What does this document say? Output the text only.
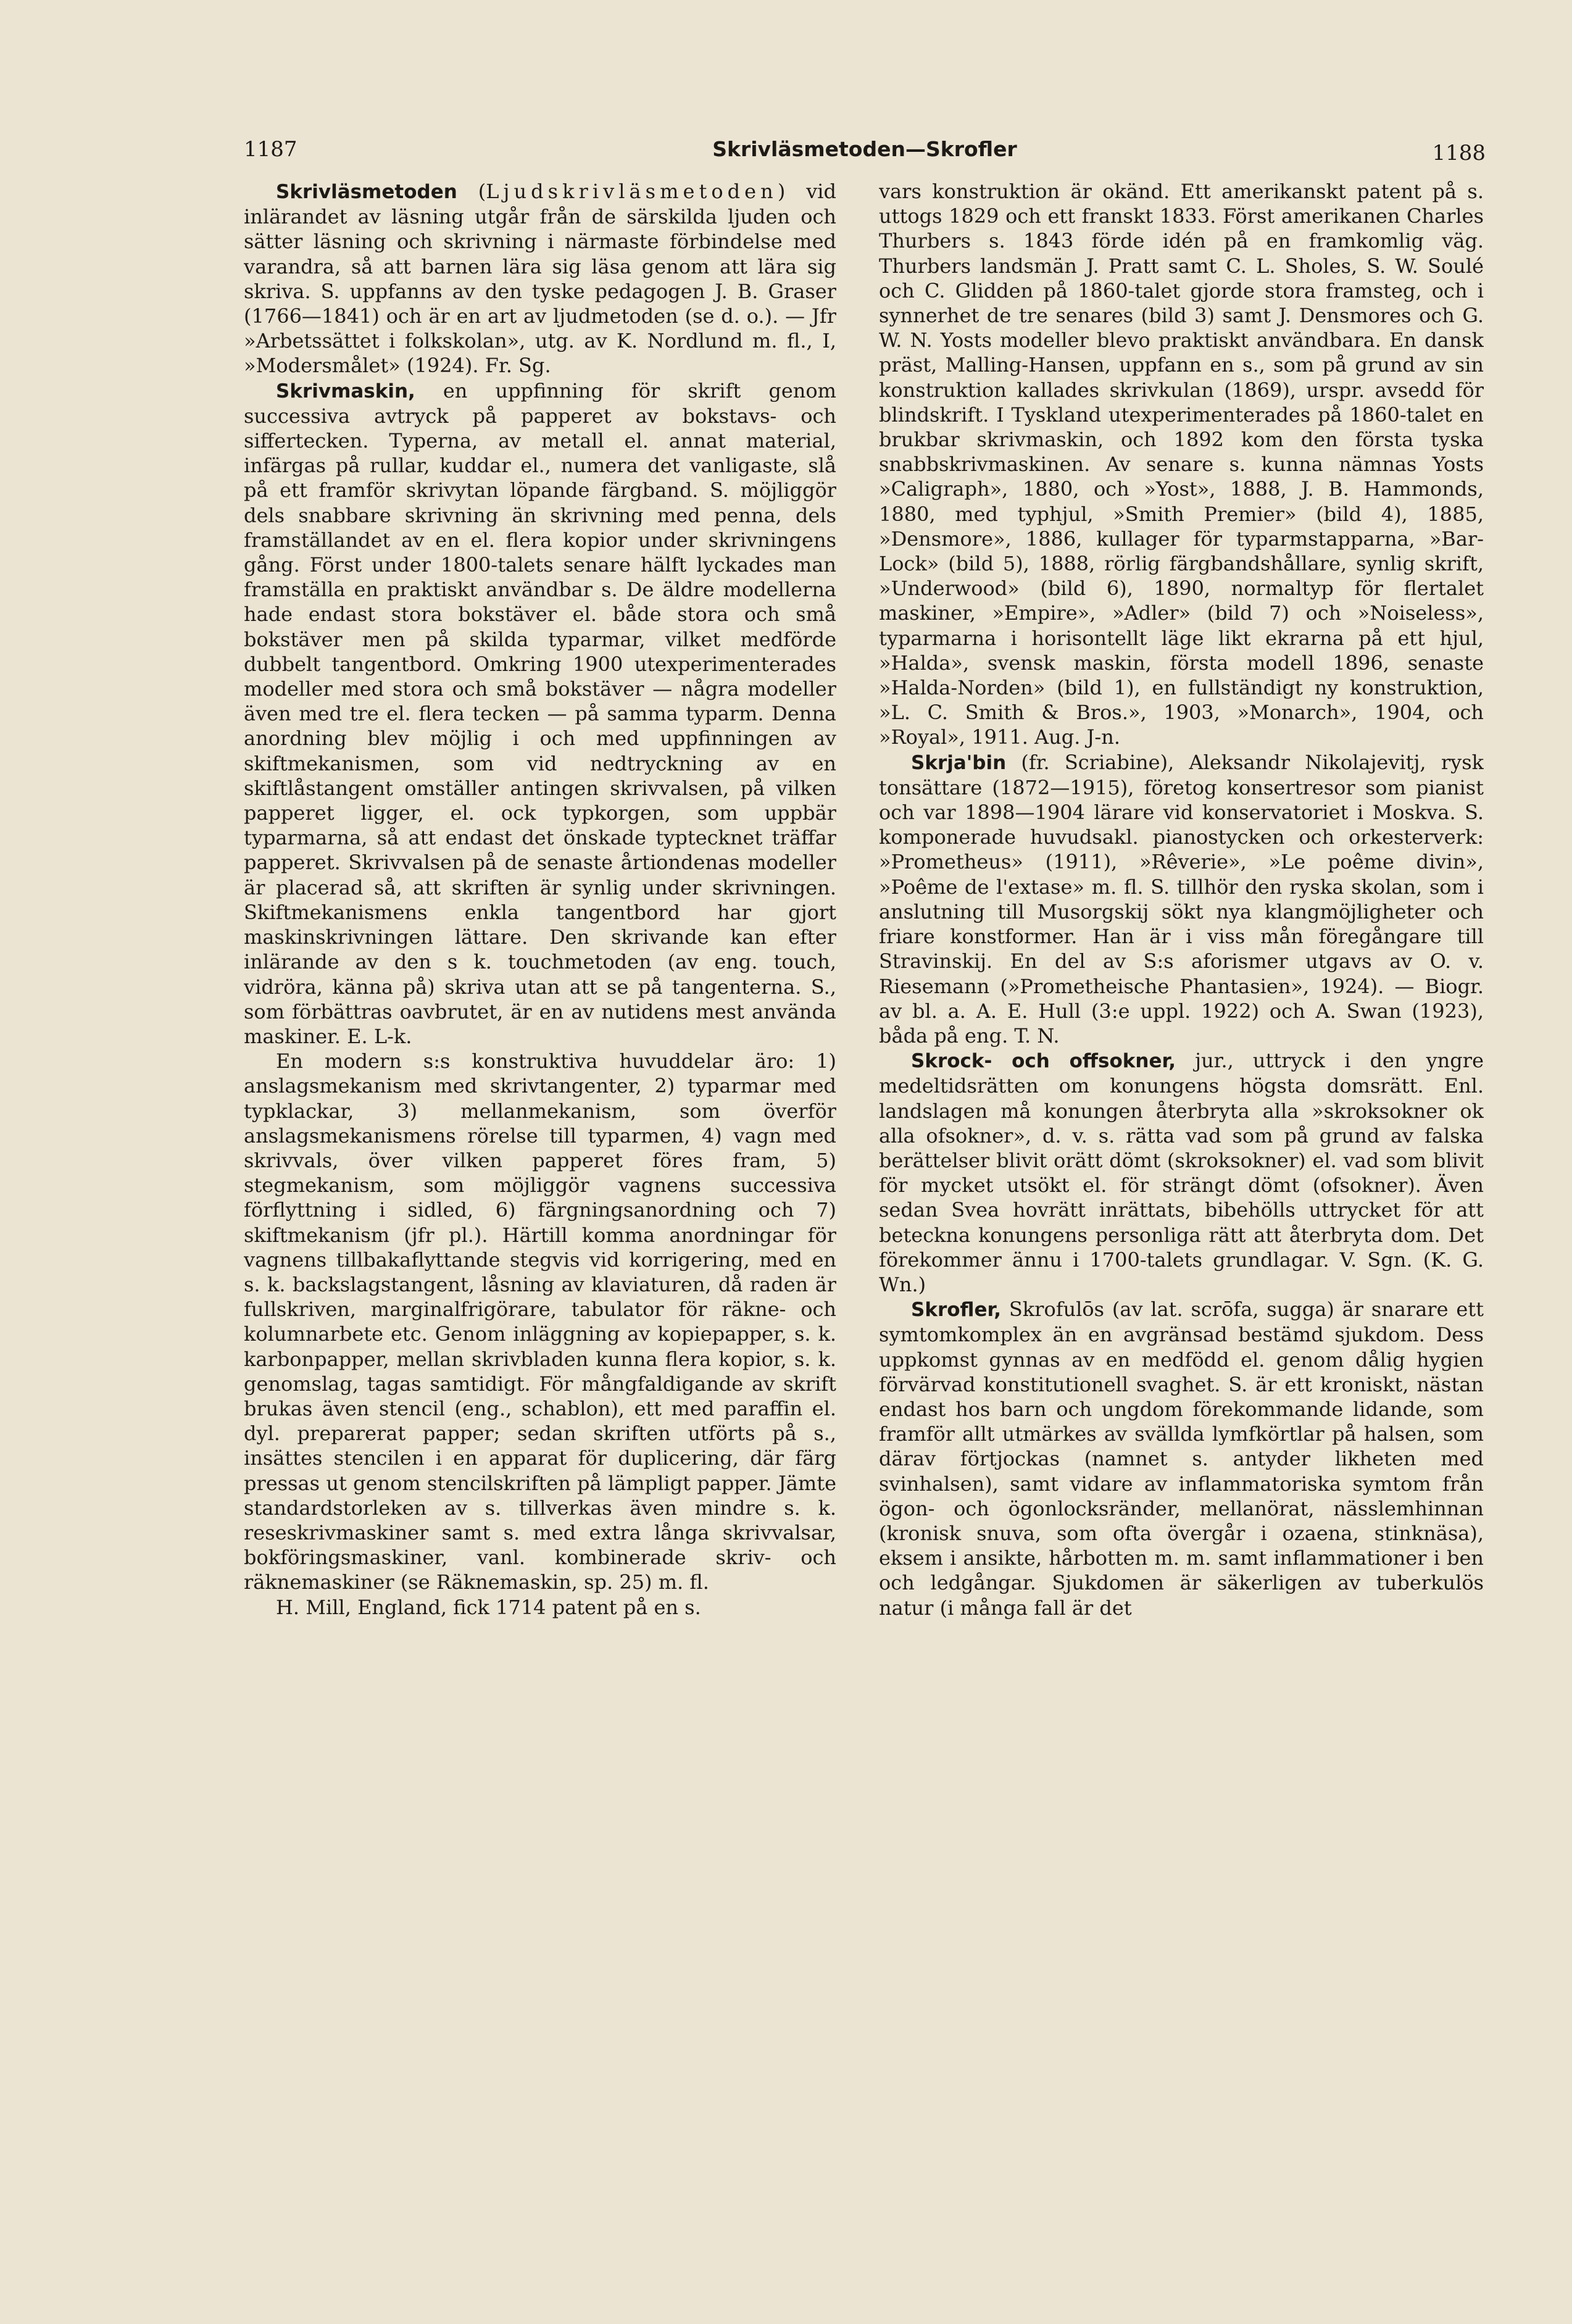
1187	Skrivläsmetoden—Skrofler	1188

Skrivläsmetoden (Ljudskrivläsmetoden) vid inlärandet av läsning utgår från de särskilda ljuden och sätter läsning och skrivning i närmaste förbindelse med varandra, så att barnen lära sig läsa genom att lära sig skriva. S. uppfanns av den tyske pedagogen J. B. Graser (1766—1841) och är en art av ljudmetoden (se d. o.). — Jfr »Arbetssättet i folkskolan», utg. av K. Nordlund m. fl., I, »Modersmålet» (1924). Fr. Sg.

Skrivmaskin, en uppfinning för skrift genom successiva avtryck på papperet av bokstavs- och siffertecken. Typerna, av metall el. annat material, infärgas på rullar, kuddar el., numera det vanligaste, slå på ett framför skrivytan löpande färgband. S. möjliggör dels snabbare skrivning än skrivning med penna, dels framställandet av en el. flera kopior under skrivningens gång. Först under 1800-talets senare hälft lyckades man framställa en praktiskt användbar s. De äldre modellerna hade endast stora bokstäver el. både stora och små bokstäver men på skilda typarmar, vilket medförde dubbelt tangentbord. Omkring 1900 utexperimenterades modeller med stora och små bokstäver — några modeller även med tre el. flera tecken — på samma typarm. Denna anordning blev möjlig i och med uppfinningen av skiftmekanismen, som vid nedtryckning av en skiftlåstangent omställer antingen skrivvalsen, på vilken papperet ligger, el. ock typkorgen, som uppbär typarmarna, så att endast det önskade typtecknet träffar papperet. Skrivvalsen på de senaste årtiondenas modeller är placerad så, att skriften är synlig under skrivningen. Skiftmekanismens enkla tangentbord har gjort maskinskrivningen lättare. Den skrivande kan efter inlärande av den s k. touchmetoden (av eng. touch, vidröra, känna på) skriva utan att se på tangenterna. S., som förbättras oavbrutet, är en av nutidens mest använda maskiner. E. L-k.

En modern s:s konstruktiva huvuddelar äro: 1) anslagsmekanism med skrivtangenter, 2) typarmar med typklackar, 3) mellanmekanism, som överför anslagsmekanismens rörelse till typarmen, 4) vagn med skrivvals, över vilken papperet föres fram, 5) stegmekanism, som möjliggör vagnens successiva förflyttning i sidled, 6) färgningsanordning och 7) skiftmekanism (jfr pl.). Härtill komma anordningar för vagnens tillbakaflyttande stegvis vid korrigering, med en s. k. backslagstangent, låsning av klaviaturen, då raden är fullskriven, marginalfrigörare, tabulator för räkne- och kolumnarbete etc. Genom inläggning av kopiepapper, s. k. karbonpapper, mellan skrivbladen kunna flera kopior, s. k. genomslag, tagas samtidigt. För mångfaldigande av skrift brukas även stencil (eng., schablon), ett med paraffin el. dyl. preparerat papper; sedan skriften utförts på s., insättes stencilen i en apparat för duplicering, där färg pressas ut genom stencilskriften på lämpligt papper. Jämte standardstorleken av s. tillverkas även mindre s. k. reseskrivmaskiner samt s. med extra långa skrivvalsar, bokföringsmaskiner, vanl. kombinerade skriv- och räknemaskiner (se Räknemaskin, sp. 25) m. fl.

H. Mill, England, fick 1714 patent på en s.

vars konstruktion är okänd. Ett amerikanskt patent på s. uttogs 1829 och ett franskt 1833. Först amerikanen Charles Thurbers s. 1843 förde idén på en framkomlig väg. Thurbers landsmän J. Pratt samt C. L. Sholes, S. W. Soulé och C. Glidden på 1860-talet gjorde stora framsteg, och i synnerhet de tre senares (bild 3) samt J. Densmores och G. W. N. Yosts modeller blevo praktiskt användbara. En dansk präst, Malling-Hansen, uppfann en s., som på grund av sin konstruktion kallades skrivkulan (1869), urspr. avsedd för blindskrift. I Tyskland utexperimenterades på 1860-talet en brukbar skrivmaskin, och 1892 kom den första tyska snabbskrivmaskinen. Av senare s. kunna nämnas Yosts »Caligraph», 1880, och »Yost», 1888, J. B. Hammonds, 1880, med typhjul, »Smith Premier» (bild 4), 1885, »Densmore», 1886, kullager för typarmstapparna, »Bar-Lock» (bild 5), 1888, rörlig färgbandshållare, synlig skrift, »Underwood» (bild 6), 1890, normaltyp för flertalet maskiner, »Empire», »Adler» (bild 7) och »Noiseless», typarmarna i horisontellt läge likt ekrarna på ett hjul, »Halda», svensk maskin, första modell 1896, senaste »Halda-Norden» (bild 1), en fullständigt ny konstruktion, »L. C. Smith & Bros.», 1903, »Monarch», 1904, och »Royal», 1911. Aug. J-n.

Skrja'bin (fr. Scriabine), Aleksandr Nikolajevitj, rysk tonsättare (1872—1915), företog konsertresor som pianist och var 1898—1904 lärare vid konservatoriet i Moskva. S. komponerade huvudsakl. pianostycken och orkesterverk: »Prometheus» (1911), »Rêverie», »Le poême divin», »Poême de l'extase» m. fl. S. tillhör den ryska skolan, som i anslutning till Musorgskij sökt nya klangmöjligheter och friare konstformer. Han är i viss mån föregångare till Stravinskij. En del av S:s aforismer utgavs av O. v. Riesemann (»Prometheische Phantasien», 1924). — Biogr. av bl. a. A. E. Hull (3:e uppl. 1922) och A. Swan (1923), båda på eng. T. N.

Skrock- och offsokner, jur., uttryck i den yngre medeltidsrätten om konungens högsta domsrätt. Enl. landslagen må konungen återbryta alla »skroksokner ok alla ofsokner», d. v. s. rätta vad som på grund av falska berättelser blivit orätt dömt (skroksokner) el. vad som blivit för mycket utsökt el. för strängt dömt (ofsokner). Även sedan Svea hovrätt inrättats, bibehölls uttrycket för att beteckna konungens personliga rätt att återbryta dom. Det förekommer ännu i 1700-talets grundlagar. V. Sgn. (K. G. Wn.)

Skrofler, Skrofulōs (av lat. scrōfa, sugga) är snarare ett symtomkomplex än en avgränsad bestämd sjukdom. Dess uppkomst gynnas av en medfödd el. genom dålig hygien förvärvad konstitutionell svaghet. S. är ett kroniskt, nästan endast hos barn och ungdom förekommande lidande, som framför allt utmärkes av svällda lymfkörtlar på halsen, som därav förtjockas (namnet s. antyder likheten med svinhalsen), samt vidare av inflammatoriska symtom från ögon- och ögonlocksränder, mellanörat, nässlemhinnan (kronisk snuva, som ofta övergår i ozaena, stinknäsa), eksem i ansikte, hårbotten m. m. samt inflammationer i ben och ledgångar. Sjukdomen är säkerligen av tuberkulös natur (i många fall är det
